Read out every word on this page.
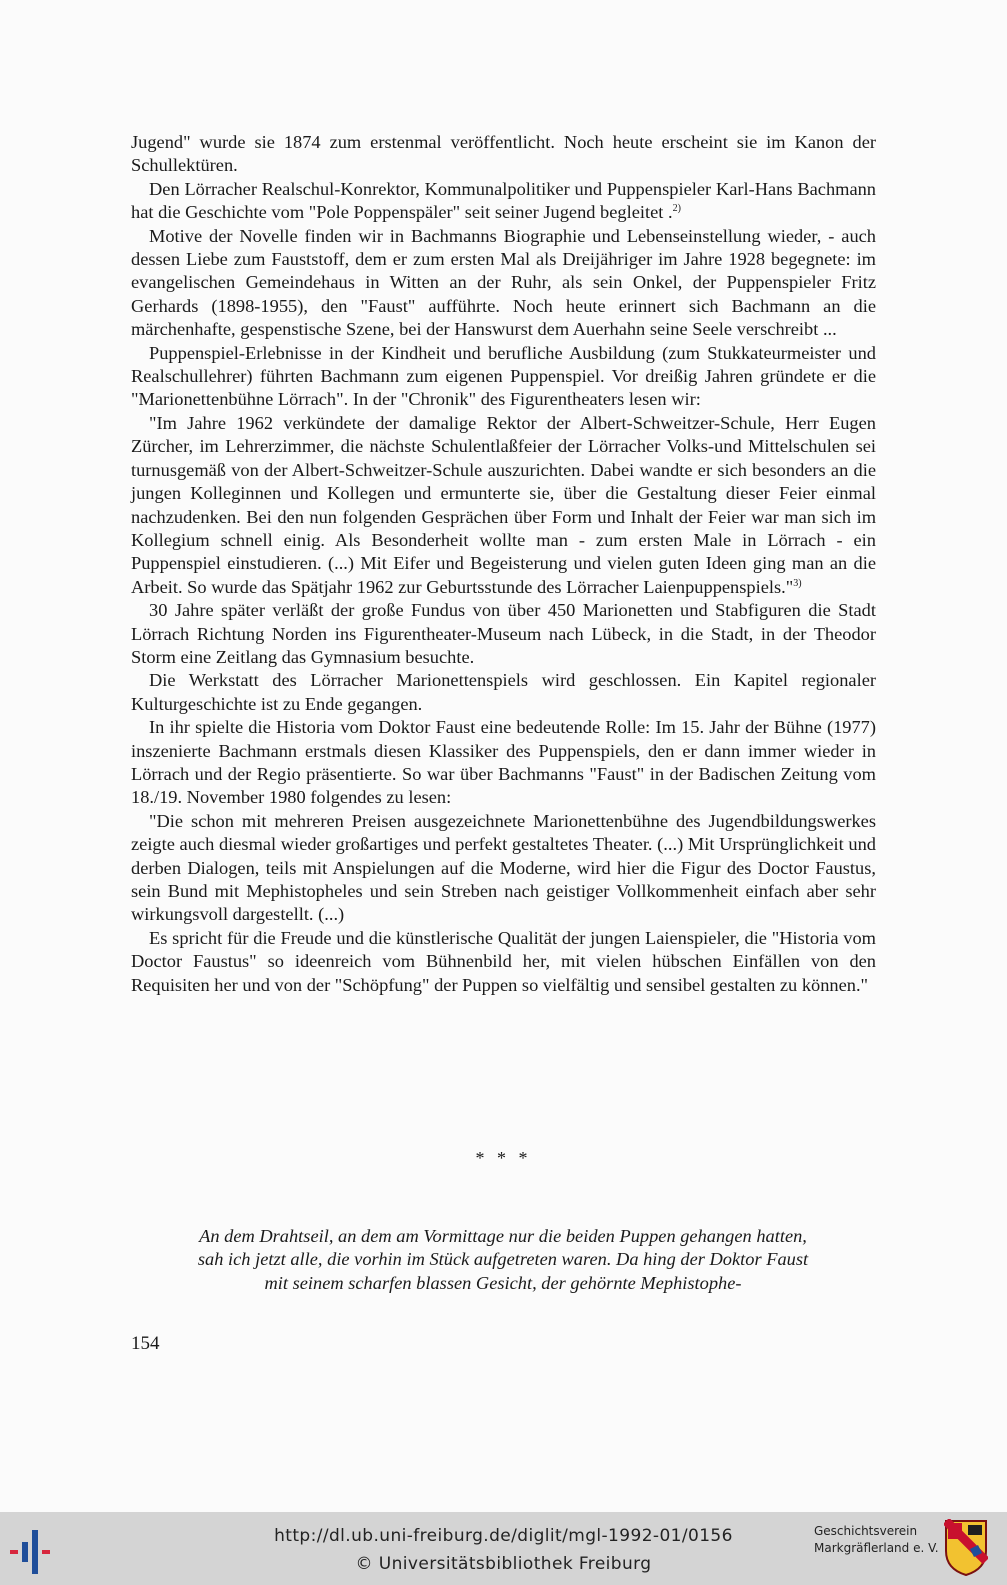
Jugend" wurde sie 1874 zum erstenmal veröffentlicht. Noch heute erscheint sie im Kanon der Schullektüren.

Den Lörracher Realschul-Konrektor, Kommunalpolitiker und Puppenspieler Karl-Hans Bachmann hat die Geschichte vom "Pole Poppenspäler" seit seiner Jugend begleitet .$^{2)}$

Motive der Novelle finden wir in Bachmanns Biographie und Lebenseinstellung wieder, - auch dessen Liebe zum Fauststoff, dem er zum ersten Mal als Dreijähriger im Jahre 1928 begegnete: im evangelischen Gemeindehaus in Witten an der Ruhr, als sein Onkel, der Puppenspieler Fritz Gerhards (1898-1955), den "Faust" aufführte. Noch heute erinnert sich Bachmann an die märchenhafte, gespenstische Szene, bei der Hanswurst dem Auerhahn seine Seele verschreibt ...

Puppenspiel-Erlebnisse in der Kindheit und berufliche Ausbildung (zum Stukkateurmeister und Realschullehrer) führten Bachmann zum eigenen Puppenspiel. Vor dreißig Jahren gründete er die "Marionettenbühne Lörrach". In der "Chronik" des Figurentheaters lesen wir:

"Im Jahre 1962 verkündete der damalige Rektor der Albert-Schweitzer-Schule, Herr Eugen Zürcher, im Lehrerzimmer, die nächste Schulentlaßfeier der Lörracher Volks-und Mittelschulen sei turnusgemäß von der Albert-Schweitzer-Schule auszurichten. Dabei wandte er sich besonders an die jungen Kolleginnen und Kollegen und ermunterte sie, über die Gestaltung dieser Feier einmal nachzudenken. Bei den nun folgenden Gesprächen über Form und Inhalt der Feier war man sich im Kollegium schnell einig. Als Besonderheit wollte man - zum ersten Male in Lörrach - ein Puppenspiel einstudieren. (...) Mit Eifer und Begeisterung und vielen guten Ideen ging man an die Arbeit. So wurde das Spätjahr 1962 zur Geburtsstunde des Lörracher Laienpuppenspiels."$^{3)}$

30 Jahre später verläßt der große Fundus von über 450 Marionetten und Stabfiguren die Stadt Lörrach Richtung Norden ins Figurentheater-Museum nach Lübeck, in die Stadt, in der Theodor Storm eine Zeitlang das Gymnasium besuchte.

Die Werkstatt des Lörracher Marionettenspiels wird geschlossen. Ein Kapitel regionaler Kulturgeschichte ist zu Ende gegangen.

In ihr spielte die Historia vom Doktor Faust eine bedeutende Rolle: Im 15. Jahr der Bühne (1977) inszenierte Bachmann erstmals diesen Klassiker des Puppenspiels, den er dann immer wieder in Lörrach und der Regio präsentierte. So war über Bachmanns "Faust" in der Badischen Zeitung vom 18./19. November 1980 folgendes zu lesen:

"Die schon mit mehreren Preisen ausgezeichnete Marionettenbühne des Jugendbildungswerkes zeigte auch diesmal wieder großartiges und perfekt gestaltetes Theater. (...) Mit Ursprünglichkeit und derben Dialogen, teils mit Anspielungen auf die Moderne, wird hier die Figur des Doctor Faustus, sein Bund mit Mephistopheles und sein Streben nach geistiger Vollkommenheit einfach aber sehr wirkungsvoll dargestellt. (...)

Es spricht für die Freude und die künstlerische Qualität der jungen Laienspieler, die "Historia vom Doctor Faustus" so ideenreich vom Bühnenbild her, mit vielen hübschen Einfällen von den Requisiten her und von der "Schöpfung" der Puppen so vielfältig und sensibel gestalten zu können."

* * *
An dem Drahtseil, an dem am Vormittage nur die beiden Puppen gehangen hatten, sah ich jetzt alle, die vorhin im Stück aufgetreten waren. Da hing der Doktor Faust mit seinem scharfen blassen Gesicht, der gehörnte Mephistophe-
154
http://dl.ub.uni-freiburg.de/diglit/mgl-1992-01/0156
© Universitätsbibliothek Freiburg
Geschichtsverein
Markgräflerland e. V.
